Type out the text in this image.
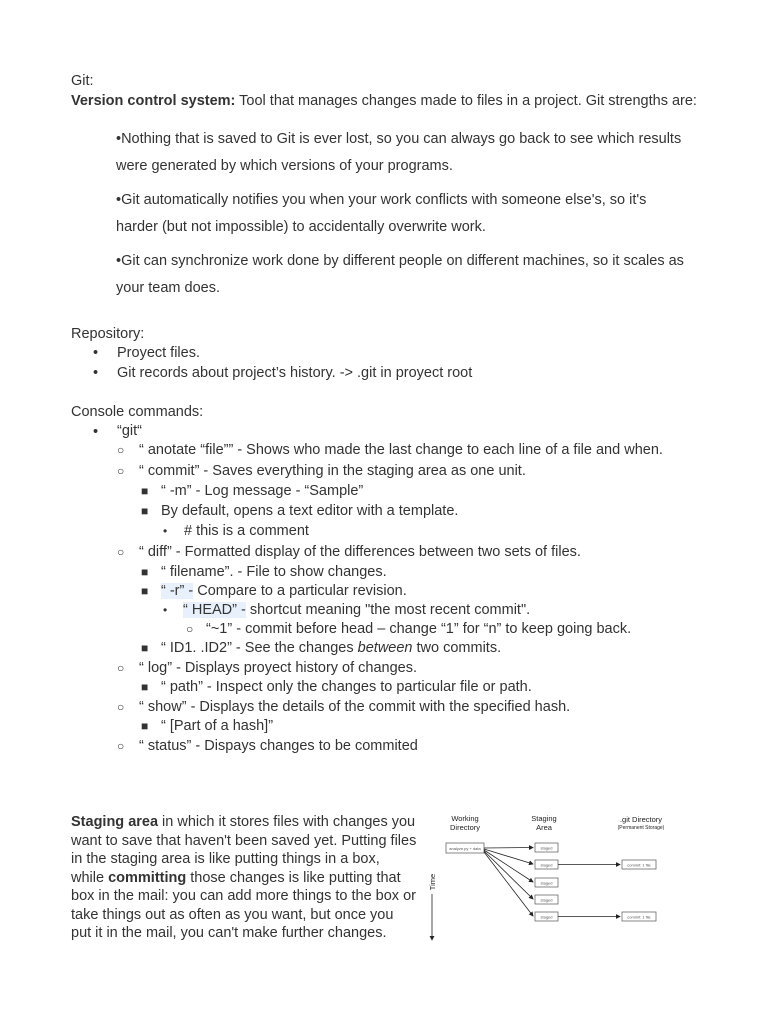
Git:
Version control system: Tool that manages changes made to files in a project. Git strengths are:
•Nothing that is saved to Git is ever lost, so you can always go back to see which results
were generated by which versions of your programs.
•Git automatically notifies you when your work conflicts with someone else's, so it's
harder (but not impossible) to accidentally overwrite work.
•Git can synchronize work done by different people on different machines, so it scales as
your team does.
Repository:
• Proyect files.
• Git records about project’s history. -> .git in proyect root
Console commands:
• “git“
○ “ anotate “file”” - Shows who made the last change to each line of a file and when.
○ “ commit” - Saves everything in the staging area as one unit.
■ “ -m” - Log message - “Sample”
■ By default, opens a text editor with a template.
• # this is a comment
○ “ diff” - Formatted display of the differences between two sets of files.
■ “ filename”. - File to show changes.
■ “ -r” - Compare to a particular revision.
• “ HEAD” - shortcut meaning "the most recent commit".
○ “~1” - commit before head – change “1” for “n” to keep going back.
■ “ ID1. .ID2” - See the changes between two commits.
○ “ log” - Displays proyect history of changes.
■ “ path” - Inspect only the changes to particular file or path.
○ “ show” - Displays the details of the commit with the specified hash.
■ “ [Part of a hash]”
○ “ status” - Dispays changes to be commited
Staging area in which it stores files with changes you
want to save that haven't been saved yet. Putting files
in the staging area is like putting things in a box,
while committing those changes is like putting that
box in the mail: you can add more things to the box or
take things out as often as you want, but once you
put it in the mail, you can't make further changes.
Working
Directory
Staging
Area
.git Directory
(Permanent Storage)
Time
analyze.py + data	staged
staged
staged
staged
staged
commit: 1 file
commit: 1 file
